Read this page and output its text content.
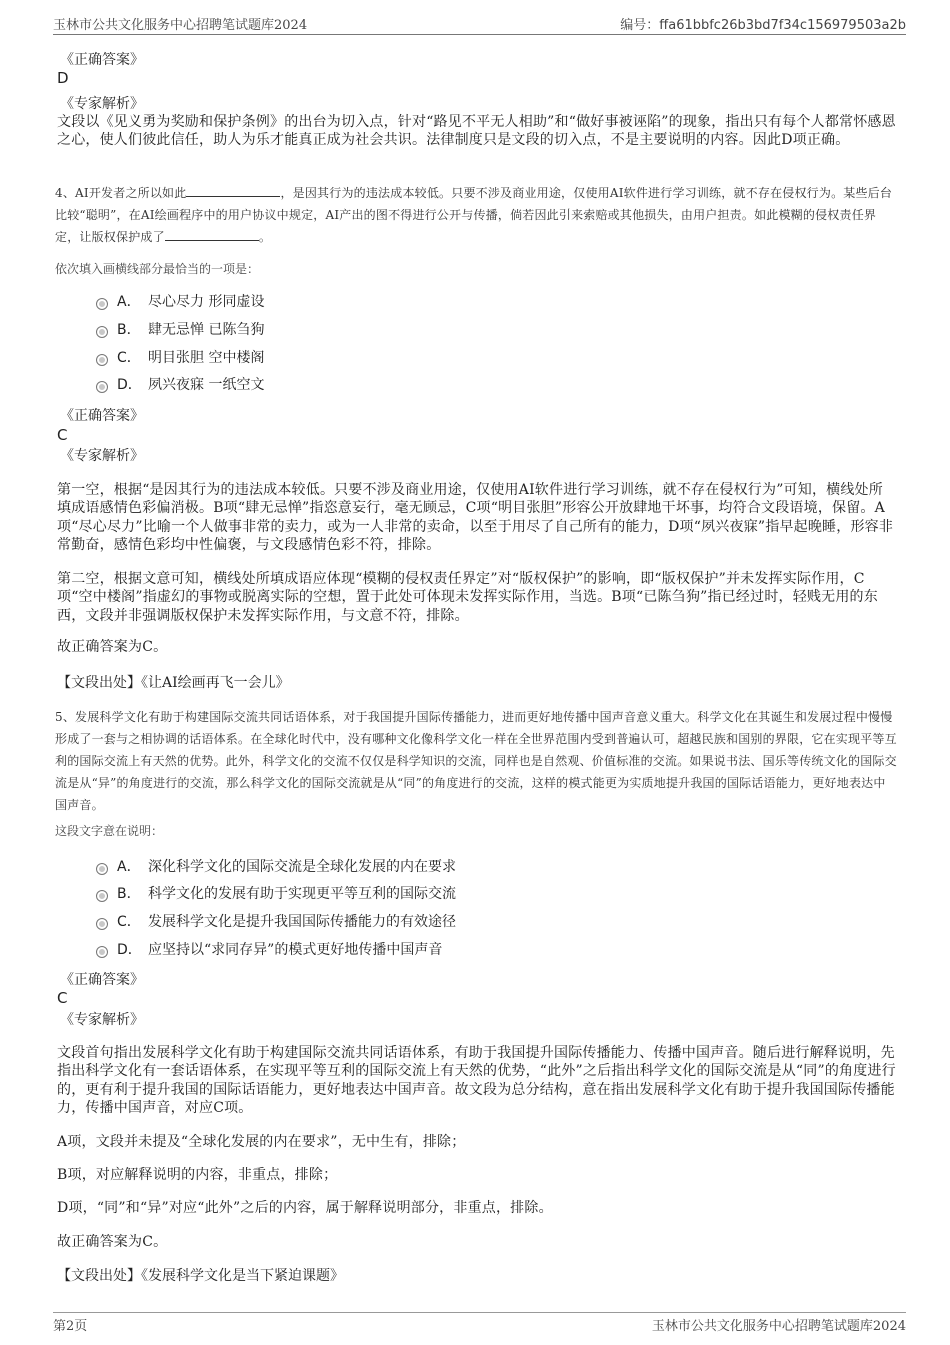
玉林市公共文化服务中心招聘笔试题库2024	编号：ffa61bbfc26b3bd7f34c156979503a2b
《正确答案》
D
《专家解析》

文段以《见义勇为奖励和保护条例》的出台为切入点，针对“路见不平无人相助”和“做好事被诬陷”的现象，指出只有每个人都常怀感恩之心，使人们彼此信任，助人为乐才能真正成为社会共识。法律制度只是文段的切入点，不是主要说明的内容。因此D项正确。

4、AI开发者之所以如此	，是因其行为的违法成本较低。只要不涉及商业用途，仅使用AI软件进行学习训练，就不存在侵权行为。某些后台比较“聪明”，在AI绘画程序中的用户协议中规定，AI产出的图不得进行公开与传播，倘若因此引来索赔或其他损失，由用户担责。如此模糊的侵权责任界定，让版权保护成了	。

依次填入画横线部分最恰当的一项是：
A． 尽心尽力 形同虚设
B． 肆无忌惮 已陈刍狗
C． 明目张胆 空中楼阁
D． 夙兴夜寐 一纸空文
《正确答案》
C
《专家解析》

第一空，根据“是因其行为的违法成本较低。只要不涉及商业用途，仅使用AI软件进行学习训练，就不存在侵权行为”可知，横线处所填成语感情色彩偏消极。B项“肆无忌惮”指恣意妄行，毫无顾忌，C项“明目张胆”形容公开放肆地干坏事，均符合文段语境，保留。A项“尽心尽力”比喻一个人做事非常的卖力，或为一人非常的卖命，以至于用尽了自己所有的能力，D项“夙兴夜寐”指早起晚睡，形容非常勤奋，感情色彩均中性偏褒，与文段感情色彩不符，排除。

第二空，根据文意可知，横线处所填成语应体现“模糊的侵权责任界定”对“版权保护”的影响，即“版权保护”并未发挥实际作用，C项“空中楼阁”指虚幻的事物或脱离实际的空想，置于此处可体现未发挥实际作用，当选。B项“已陈刍狗”指已经过时，轻贱无用的东西，文段并非强调版权保护未发挥实际作用，与文意不符，排除。

故正确答案为C。

【文段出处】《让AI绘画再飞一会儿》

5、发展科学文化有助于构建国际交流共同话语体系，对于我国提升国际传播能力，进而更好地传播中国声音意义重大。科学文化在其诞生和发展过程中慢慢形成了一套与之相协调的话语体系。在全球化时代中，没有哪种文化像科学文化一样在全世界范围内受到普遍认可，超越民族和国别的界限，它在实现平等互利的国际交流上有天然的优势。此外，科学文化的交流不仅仅是科学知识的交流，同样也是自然观、价值标准的交流。如果说书法、国乐等传统文化的国际交流是从“异”的角度进行的交流，那么科学文化的国际交流就是从“同”的角度进行的交流，这样的模式能更为实质地提升我国的国际话语能力，更好地表达中国声音。

这段文字意在说明：
A． 深化科学文化的国际交流是全球化发展的内在要求
B． 科学文化的发展有助于实现更平等互利的国际交流
C． 发展科学文化是提升我国国际传播能力的有效途径
D． 应坚持以“求同存异”的模式更好地传播中国声音
《正确答案》
C
《专家解析》

文段首句指出发展科学文化有助于构建国际交流共同话语体系，有助于我国提升国际传播能力、传播中国声音。随后进行解释说明，先指出科学文化有一套话语体系，在实现平等互利的国际交流上有天然的优势，“此外”之后指出科学文化的国际交流是从“同”的角度进行的，更有利于提升我国的国际话语能力，更好地表达中国声音。故文段为总分结构，意在指出发展科学文化有助于提升我国国际传播能力，传播中国声音，对应C项。

A项，文段并未提及“全球化发展的内在要求”，无中生有，排除；

B项，对应解释说明的内容，非重点，排除；

D项，“同”和“异”对应“此外”之后的内容，属于解释说明部分，非重点，排除。

故正确答案为C。

【文段出处】《发展科学文化是当下紧迫课题》
第2页	玉林市公共文化服务中心招聘笔试题库2024
